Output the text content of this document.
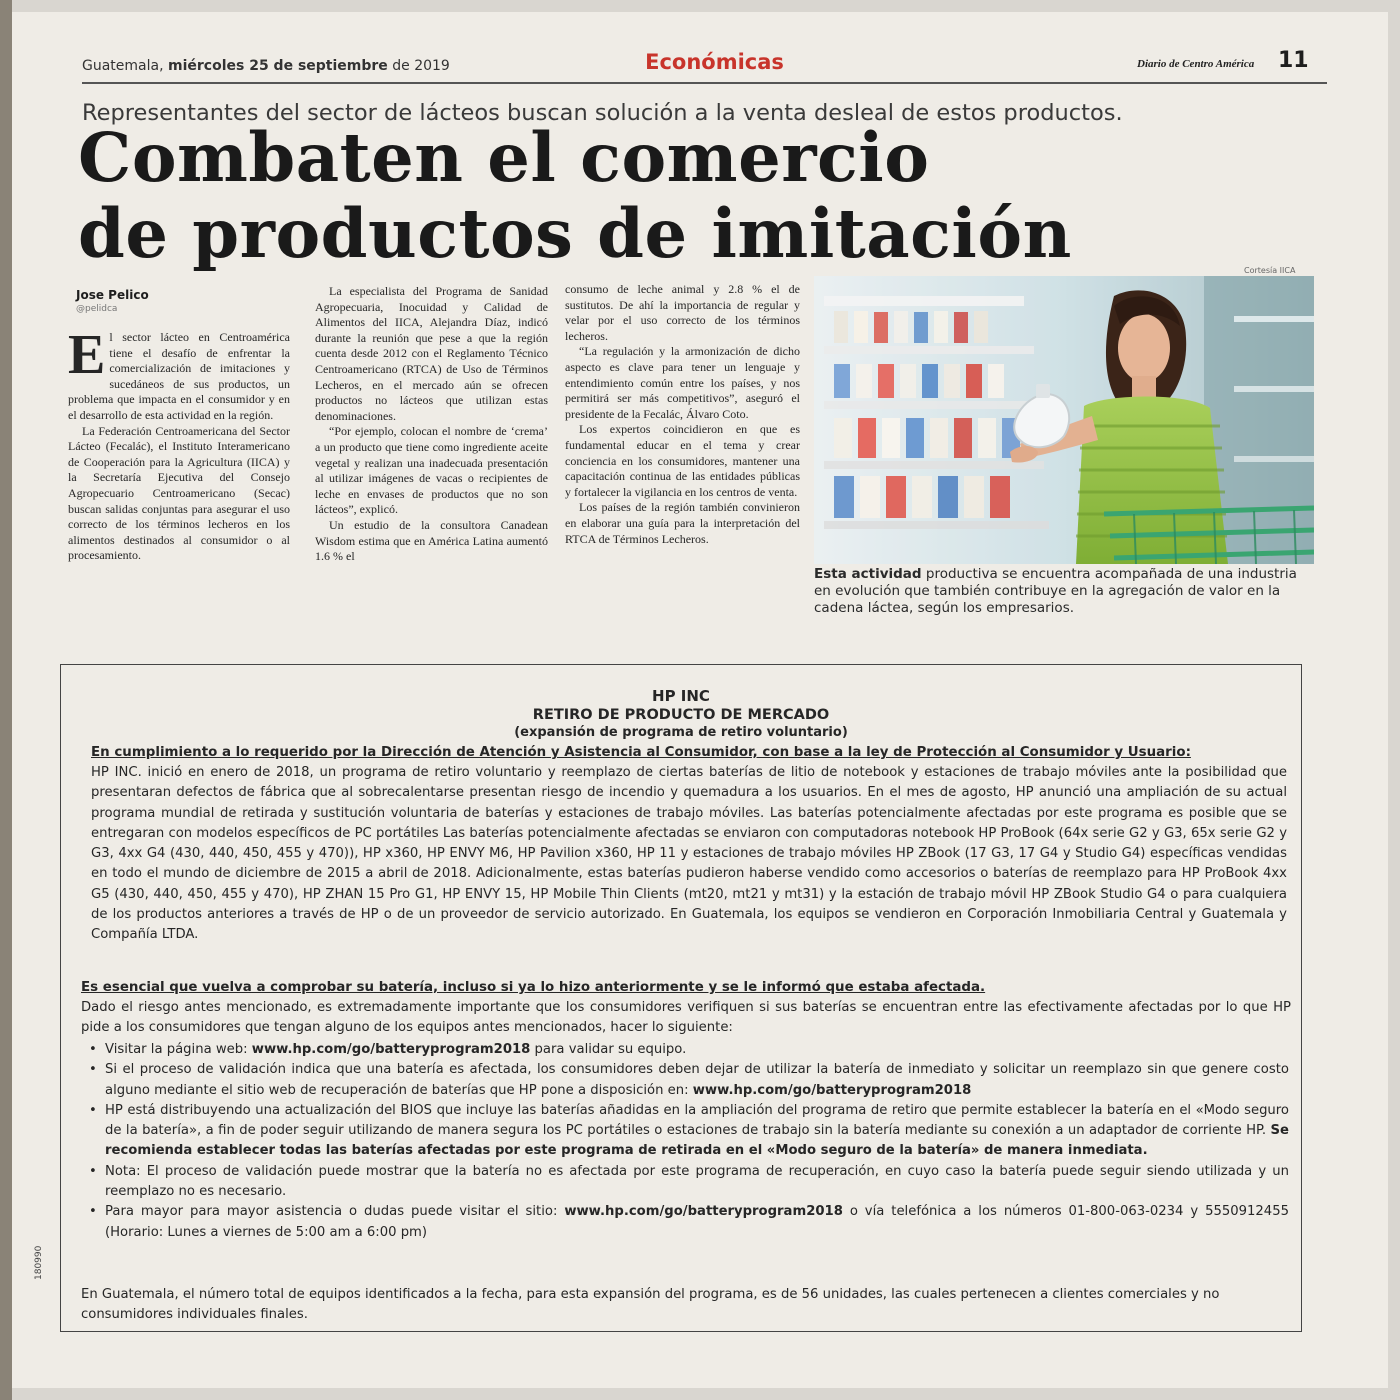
Guatemala, miércoles 25 de septiembre de 2019	Económicas	Diario de Centro América 11
Representantes del sector de lácteos buscan solución a la venta desleal de estos productos.
Combaten el comercio
de productos de imitación
Jose Pelico
@pelidca

El sector lácteo en Centroamérica tiene el desafío de enfrentar la comercialización de imitaciones y sucedáneos de sus productos, un problema que impacta en el consumidor y en el desarrollo de esta actividad en la región.

La Federación Centroamericana del Sector Lácteo (Fecalác), el Instituto Interamericano de Cooperación para la Agricultura (IICA) y la Secretaría Ejecutiva del Consejo Agropecuario Centroamericano (Secac) buscan salidas conjuntas para asegurar el uso correcto de los términos lecheros en los alimentos destinados al consumidor o al procesamiento.

La especialista del Programa de Sanidad Agropecuaria, Inocuidad y Calidad de Alimentos del IICA, Alejandra Díaz, indicó durante la reunión que pese a que la región cuenta desde 2012 con el Reglamento Técnico Centroamericano (RTCA) de Uso de Términos Lecheros, en el mercado aún se ofrecen productos no lácteos que utilizan estas denominaciones.

“Por ejemplo, colocan el nombre de ‘crema’ a un producto que tiene como ingrediente aceite vegetal y realizan una inadecuada presentación al utilizar imágenes de vacas o recipientes de leche en envases de productos que no son lácteos”, explicó.

Un estudio de la consultora Canadean Wisdom estima que en América Latina aumentó 1.6 % el

consumo de leche animal y 2.8 % el de sustitutos. De ahí la importancia de regular y velar por el uso correcto de los términos lecheros.

“La regulación y la armonización de dicho aspecto es clave para tener un lenguaje y entendimiento común entre los países, y nos permitirá ser más competitivos”, aseguró el presidente de la Fecalác, Álvaro Coto.

Los expertos coincidieron en que es fundamental educar en el tema y crear conciencia en los consumidores, mantener una capacitación continua de las entidades públicas y fortalecer la vigilancia en los centros de venta.

Los países de la región también convinieron en elaborar una guía para la interpretación del RTCA de Términos Lecheros.

Cortesía IICA
Esta actividad productiva se encuentra acompañada de una industria en evolución que también contribuye en la agregación de valor en la cadena láctea, según los empresarios.
HP INC
RETIRO DE PRODUCTO DE MERCADO
(expansión de programa de retiro voluntario)
En cumplimiento a lo requerido por la Dirección de Atención y Asistencia al Consumidor, con base a la ley de Protección al Consumidor y Usuario:
HP INC. inició en enero de 2018, un programa de retiro voluntario y reemplazo de ciertas baterías de litio de notebook y estaciones de trabajo móviles ante la posibilidad que presentaran defectos de fábrica que al sobrecalentarse presentan riesgo de incendio y quemadura a los usuarios. En el mes de agosto, HP anunció una ampliación de su actual programa mundial de retirada y sustitución voluntaria de baterías y estaciones de trabajo móviles. Las baterías potencialmente afectadas por este programa es posible que se entregaran con modelos específicos de PC portátiles Las baterías potencialmente afectadas se enviaron con computadoras notebook HP ProBook (64x serie G2 y G3, 65x serie G2 y G3, 4xx G4 (430, 440, 450, 455 y 470)), HP x360, HP ENVY M6, HP Pavilion x360, HP 11 y estaciones de trabajo móviles HP ZBook (17 G3, 17 G4 y Studio G4) específicas vendidas en todo el mundo de diciembre de 2015 a abril de 2018. Adicionalmente, estas baterías pudieron haberse vendido como accesorios o baterías de reemplazo para HP ProBook 4xx G5 (430, 440, 450, 455 y 470), HP ZHAN 15 Pro G1, HP ENVY 15, HP Mobile Thin Clients (mt20, mt21 y mt31) y la estación de trabajo móvil HP ZBook Studio G4 o para cualquiera de los productos anteriores a través de HP o de un proveedor de servicio autorizado. En Guatemala, los equipos se vendieron en Corporación Inmobiliaria Central y Guatemala y Compañía LTDA.
Es esencial que vuelva a comprobar su batería, incluso si ya lo hizo anteriormente y se le informó que estaba afectada.
Dado el riesgo antes mencionado, es extremadamente importante que los consumidores verifiquen si sus baterías se encuentran entre las efectivamente afectadas por lo que HP pide a los consumidores que tengan alguno de los equipos antes mencionados, hacer lo siguiente:
• Visitar la página web: www.hp.com/go/batteryprogram2018 para validar su equipo.
• Si el proceso de validación indica que una batería es afectada, los consumidores deben dejar de utilizar la batería de inmediato y solicitar un reemplazo sin que genere costo alguno mediante el sitio web de recuperación de baterías que HP pone a disposición en: www.hp.com/go/batteryprogram2018
• HP está distribuyendo una actualización del BIOS que incluye las baterías añadidas en la ampliación del programa de retiro que permite establecer la batería en el «Modo seguro de la batería», a fin de poder seguir utilizando de manera segura los PC portátiles o estaciones de trabajo sin la batería mediante su conexión a un adaptador de corriente HP. Se recomienda establecer todas las baterías afectadas por este programa de retirada en el «Modo seguro de la batería» de manera inmediata.
• Nota: El proceso de validación puede mostrar que la batería no es afectada por este programa de recuperación, en cuyo caso la batería puede seguir siendo utilizada y un reemplazo no es necesario.
• Para mayor para mayor asistencia o dudas puede visitar el sitio: www.hp.com/go/batteryprogram2018 o vía telefónica a los números 01-800-063-0234 y 5550912455 (Horario: Lunes a viernes de 5:00 am a 6:00 pm)
En Guatemala, el número total de equipos identificados a la fecha, para esta expansión del programa, es de 56 unidades, las cuales pertenecen a clientes comerciales y no consumidores individuales finales.
180990
